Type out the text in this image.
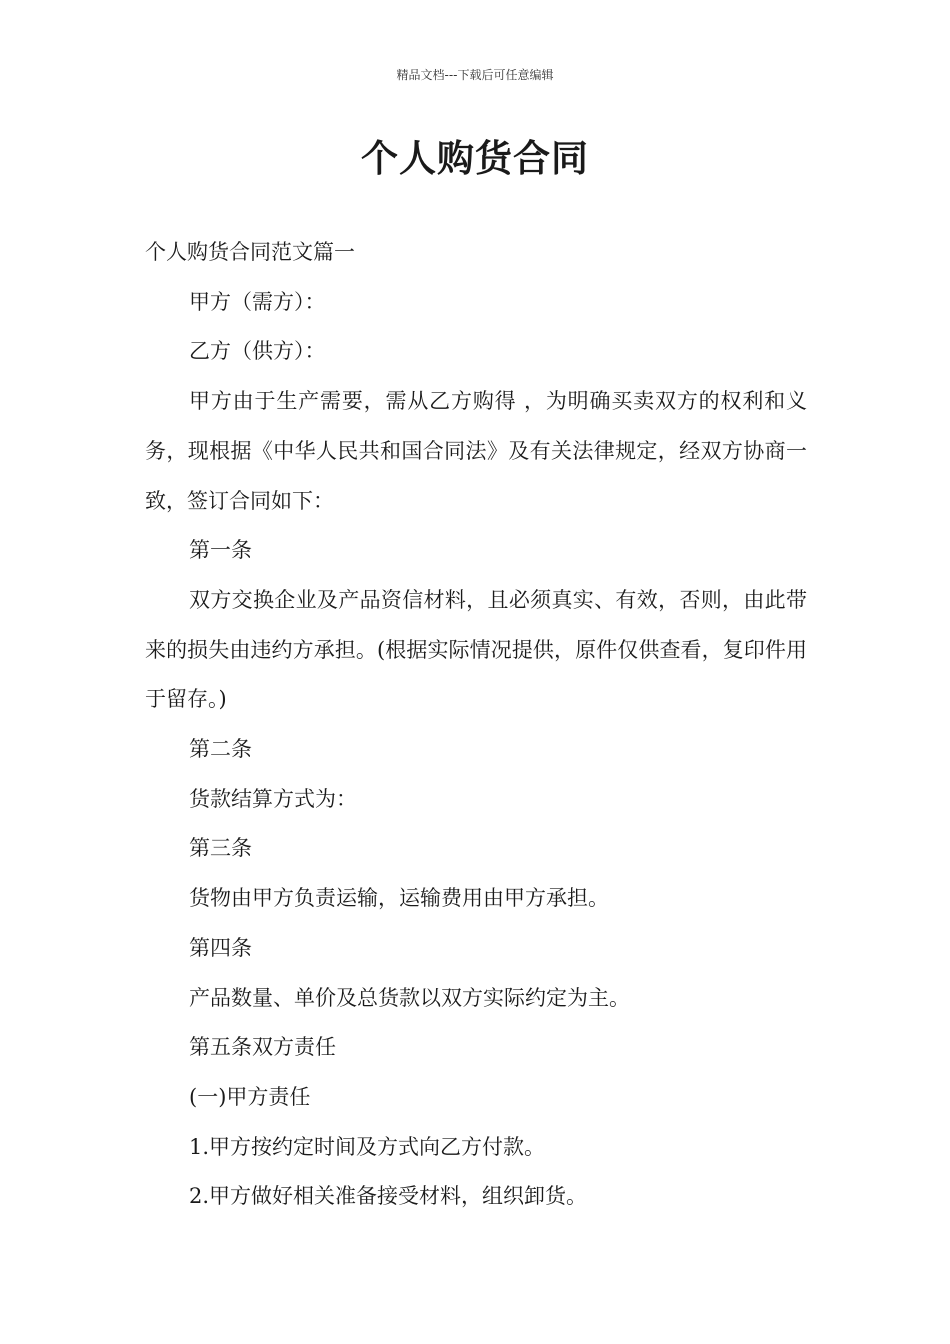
精品文档---下载后可任意编辑
个人购货合同

个人购货合同范文篇一

甲方（需方）：

乙方（供方）：

甲方由于生产需要，需从乙方购得 ，为明确买卖双方的权利和义务，现根据《中华人民共和国合同法》及有关法律规定，经双方协商一致，签订合同如下：

第一条

双方交换企业及产品资信材料，且必须真实、有效，否则，由此带来的损失由违约方承担。(根据实际情况提供，原件仅供查看，复印件用于留存。)

第二条

货款结算方式为：

第三条

货物由甲方负责运输，运输费用由甲方承担。

第四条

产品数量、单价及总货款以双方实际约定为主。

第五条双方责任

(一)甲方责任

1.甲方按约定时间及方式向乙方付款。

2.甲方做好相关准备接受材料，组织卸货。
